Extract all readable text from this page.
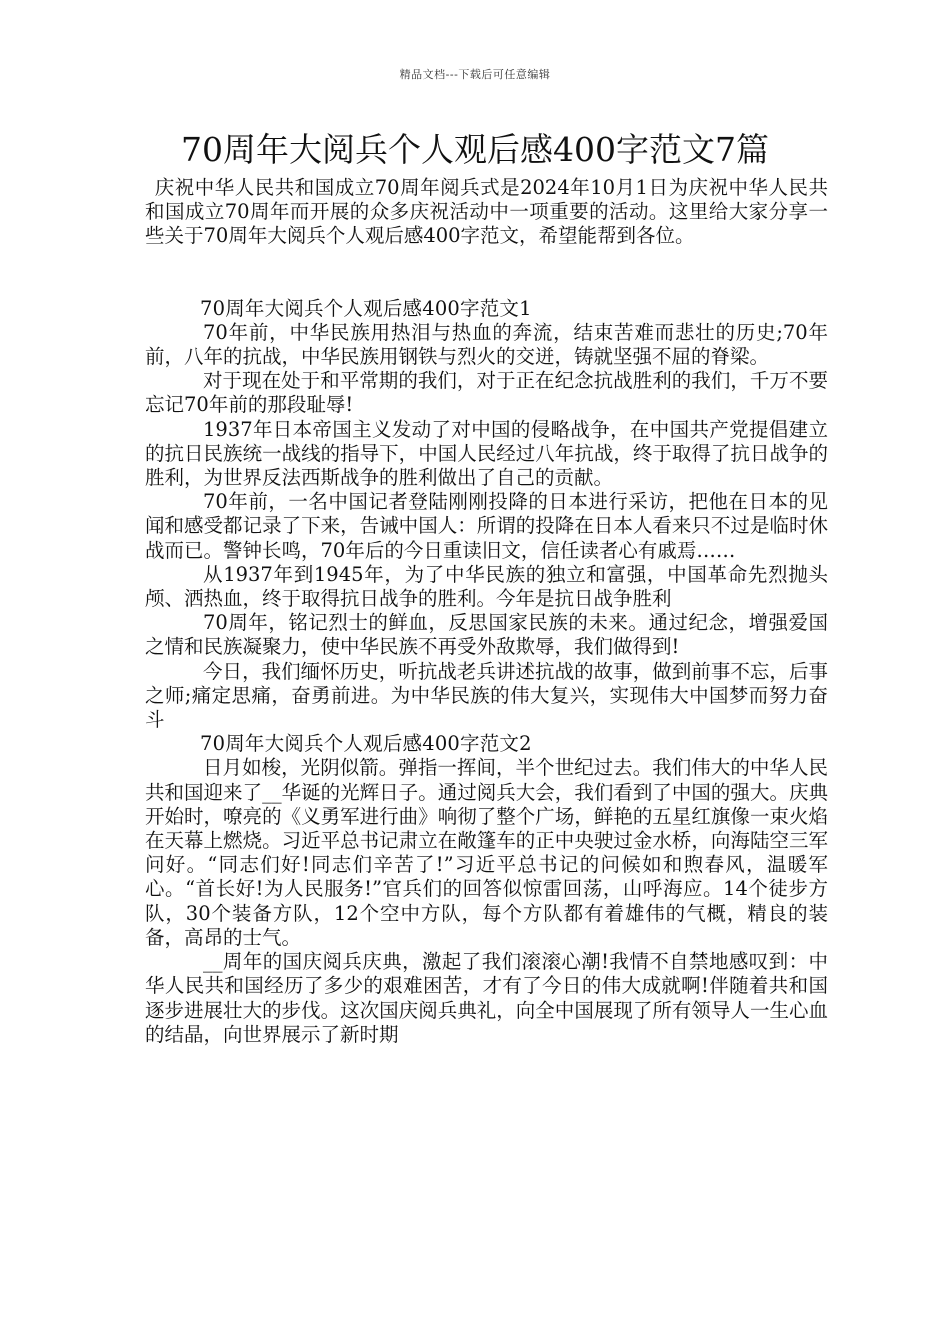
精品文档---下载后可任意编辑
70周年大阅兵个人观后感400字范文7篇

庆祝中华人民共和国成立70周年阅兵式是2024年10月1日为庆祝中华人民共和国成立70周年而开展的众多庆祝活动中一项重要的活动。这里给大家分享一些关于70周年大阅兵个人观后感400字范文，希望能帮到各位。

70周年大阅兵个人观后感400字范文1

70年前，中华民族用热泪与热血的奔流，结束苦难而悲壮的历史;70年前，八年的抗战，中华民族用钢铁与烈火的交迸，铸就坚强不屈的脊梁。

对于现在处于和平常期的我们，对于正在纪念抗战胜利的我们，千万不要忘记70年前的那段耻辱!

1937年日本帝国主义发动了对中国的侵略战争，在中国共产党提倡建立的抗日民族统一战线的指导下，中国人民经过八年抗战，终于取得了抗日战争的胜利，为世界反法西斯战争的胜利做出了自己的贡献。

70年前，一名中国记者登陆刚刚投降的日本进行采访，把他在日本的见闻和感受都记录了下来，告诫中国人：所谓的投降在日本人看来只不过是临时休战而已。警钟长鸣，70年后的今日重读旧文，信任读者心有戚焉……

从1937年到1945年，为了中华民族的独立和富强，中国革命先烈抛头颅、洒热血，终于取得抗日战争的胜利。今年是抗日战争胜利

70周年，铭记烈士的鲜血，反思国家民族的未来。通过纪念，增强爱国之情和民族凝聚力，使中华民族不再受外敌欺辱，我们做得到!

今日，我们缅怀历史，听抗战老兵讲述抗战的故事，做到前事不忘，后事之师;痛定思痛，奋勇前进。为中华民族的伟大复兴，实现伟大中国梦而努力奋斗

70周年大阅兵个人观后感400字范文2

日月如梭，光阴似箭。弹指一挥间，半个世纪过去。我们伟大的中华人民共和国迎来了__华诞的光辉日子。通过阅兵大会，我们看到了中国的强大。庆典开始时，嘹亮的《义勇军进行曲》响彻了整个广场，鲜艳的五星红旗像一束火焰在天幕上燃烧。习近平总书记肃立在敞篷车的正中央驶过金水桥，向海陆空三军问好。“同志们好!同志们辛苦了!”习近平总书记的问候如和煦春风，温暖军心。“首长好!为人民服务!”官兵们的回答似惊雷回荡，山呼海应。14个徒步方队，30个装备方队，12个空中方队，每个方队都有着雄伟的气概，精良的装备，高昂的士气。

__周年的国庆阅兵庆典，激起了我们滚滚心潮!我情不自禁地感叹到：中华人民共和国经历了多少的艰难困苦，才有了今日的伟大成就啊!伴随着共和国逐步进展壮大的步伐。这次国庆阅兵典礼，向全中国展现了所有领导人一生心血的结晶，向世界展示了新时期
